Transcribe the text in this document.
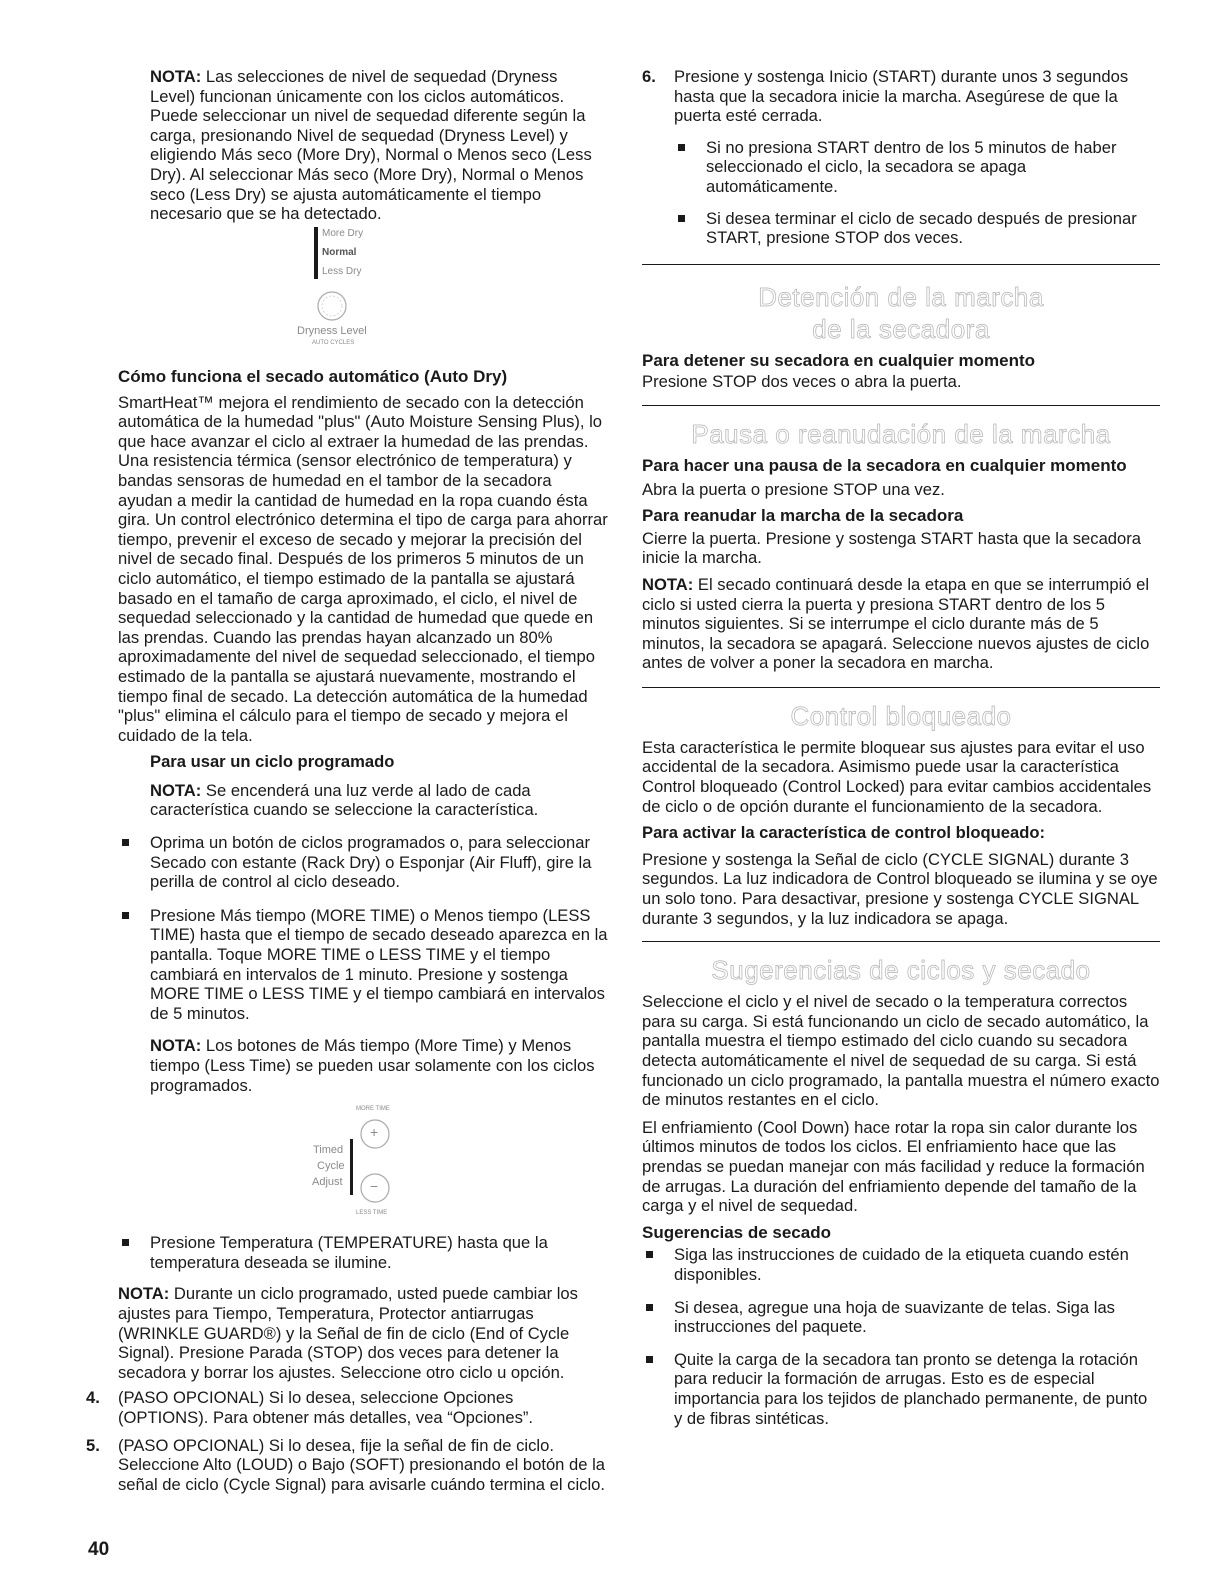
NOTA: Las selecciones de nivel de sequedad (Dryness Level) funcionan únicamente con los ciclos automáticos. Puede seleccionar un nivel de sequedad diferente según la carga, presionando Nivel de sequedad (Dryness Level) y eligiendo Más seco (More Dry), Normal o Menos seco (Less Dry). Al seleccionar Más seco (More Dry), Normal o Menos seco (Less Dry) se ajusta automáticamente el tiempo necesario que se ha detectado.

More Dry
Normal
Less Dry
Dryness Level
AUTO CYCLES
Cómo funciona el secado automático (Auto Dry)

SmartHeat™ mejora el rendimiento de secado con la detección automática de la humedad "plus" (Auto Moisture Sensing Plus), lo que hace avanzar el ciclo al extraer la humedad de las prendas. Una resistencia térmica (sensor electrónico de temperatura) y bandas sensoras de humedad en el tambor de la secadora ayudan a medir la cantidad de humedad en la ropa cuando ésta gira. Un control electrónico determina el tipo de carga para ahorrar tiempo, prevenir el exceso de secado y mejorar la precisión del nivel de secado final. Después de los primeros 5 minutos de un ciclo automático, el tiempo estimado de la pantalla se ajustará basado en el tamaño de carga aproximado, el ciclo, el nivel de sequedad seleccionado y la cantidad de humedad que quede en las prendas. Cuando las prendas hayan alcanzado un 80% aproximadamente del nivel de sequedad seleccionado, el tiempo estimado de la pantalla se ajustará nuevamente, mostrando el tiempo final de secado. La detección automática de la humedad "plus" elimina el cálculo para el tiempo de secado y mejora el cuidado de la tela.

Para usar un ciclo programado

NOTA: Se encenderá una luz verde al lado de cada característica cuando se seleccione la característica.

Oprima un botón de ciclos programados o, para seleccionar Secado con estante (Rack Dry) o Esponjar (Air Fluff), gire la perilla de control al ciclo deseado.
Presione Más tiempo (MORE TIME) o Menos tiempo (LESS TIME) hasta que el tiempo de secado deseado aparezca en la pantalla. Toque MORE TIME o LESS TIME y el tiempo cambiará en intervalos de 1 minuto. Presione y sostenga MORE TIME o LESS TIME y el tiempo cambiará en intervalos de 5 minutos.

NOTA: Los botones de Más tiempo (More Time) y Menos tiempo (Less Time) se pueden usar solamente con los ciclos programados.

Timed
Cycle
Adjust
MORE TIME
+
−
LESS TIME
Presione Temperatura (TEMPERATURE) hasta que la temperatura deseada se ilumine.

NOTA: Durante un ciclo programado, usted puede cambiar los ajustes para Tiempo, Temperatura, Protector antiarrugas (WRINKLE GUARD®) y la Señal de fin de ciclo (End of Cycle Signal). Presione Parada (STOP) dos veces para detener la secadora y borrar los ajustes. Seleccione otro ciclo u opción.

4. (PASO OPCIONAL) Si lo desea, seleccione Opciones (OPTIONS). Para obtener más detalles, vea “Opciones”.
5. (PASO OPCIONAL) Si lo desea, fije la señal de fin de ciclo. Seleccione Alto (LOUD) o Bajo (SOFT) presionando el botón de la señal de ciclo (Cycle Signal) para avisarle cuándo termina el ciclo.
40
6. Presione y sostenga Inicio (START) durante unos 3 segundos hasta que la secadora inicie la marcha. Asegúrese de que la puerta esté cerrada.
Si no presiona START dentro de los 5 minutos de haber seleccionado el ciclo, la secadora se apaga automáticamente.
Si desea terminar el ciclo de secado después de presionar START, presione STOP dos veces.
Detención de la marcha
de la secadora
Para detener su secadora en cualquier momento

Presione STOP dos veces o abra la puerta.

Pausa o reanudación de la marcha
Para hacer una pausa de la secadora en cualquier momento

Abra la puerta o presione STOP una vez.

Para reanudar la marcha de la secadora

Cierre la puerta. Presione y sostenga START hasta que la secadora inicie la marcha.

NOTA: El secado continuará desde la etapa en que se interrumpió el ciclo si usted cierra la puerta y presiona START dentro de los 5 minutos siguientes. Si se interrumpe el ciclo durante más de 5 minutos, la secadora se apagará. Seleccione nuevos ajustes de ciclo antes de volver a poner la secadora en marcha.

Control bloqueado

Esta característica le permite bloquear sus ajustes para evitar el uso accidental de la secadora. Asimismo puede usar la característica Control bloqueado (Control Locked) para evitar cambios accidentales de ciclo o de opción durante el funcionamiento de la secadora.

Para activar la característica de control bloqueado:

Presione y sostenga la Señal de ciclo (CYCLE SIGNAL) durante 3 segundos. La luz indicadora de Control bloqueado se ilumina y se oye un solo tono. Para desactivar, presione y sostenga CYCLE SIGNAL durante 3 segundos, y la luz indicadora se apaga.

Sugerencias de ciclos y secado

Seleccione el ciclo y el nivel de secado o la temperatura correctos para su carga. Si está funcionando un ciclo de secado automático, la pantalla muestra el tiempo estimado del ciclo cuando su secadora detecta automáticamente el nivel de sequedad de su carga. Si está funcionado un ciclo programado, la pantalla muestra el número exacto de minutos restantes en el ciclo.

El enfriamiento (Cool Down) hace rotar la ropa sin calor durante los últimos minutos de todos los ciclos. El enfriamiento hace que las prendas se puedan manejar con más facilidad y reduce la formación de arrugas. La duración del enfriamiento depende del tamaño de la carga y el nivel de sequedad.

Sugerencias de secado
Siga las instrucciones de cuidado de la etiqueta cuando estén disponibles.
Si desea, agregue una hoja de suavizante de telas. Siga las instrucciones del paquete.
Quite la carga de la secadora tan pronto se detenga la rotación para reducir la formación de arrugas. Esto es de especial importancia para los tejidos de planchado permanente, de punto y de fibras sintéticas.
